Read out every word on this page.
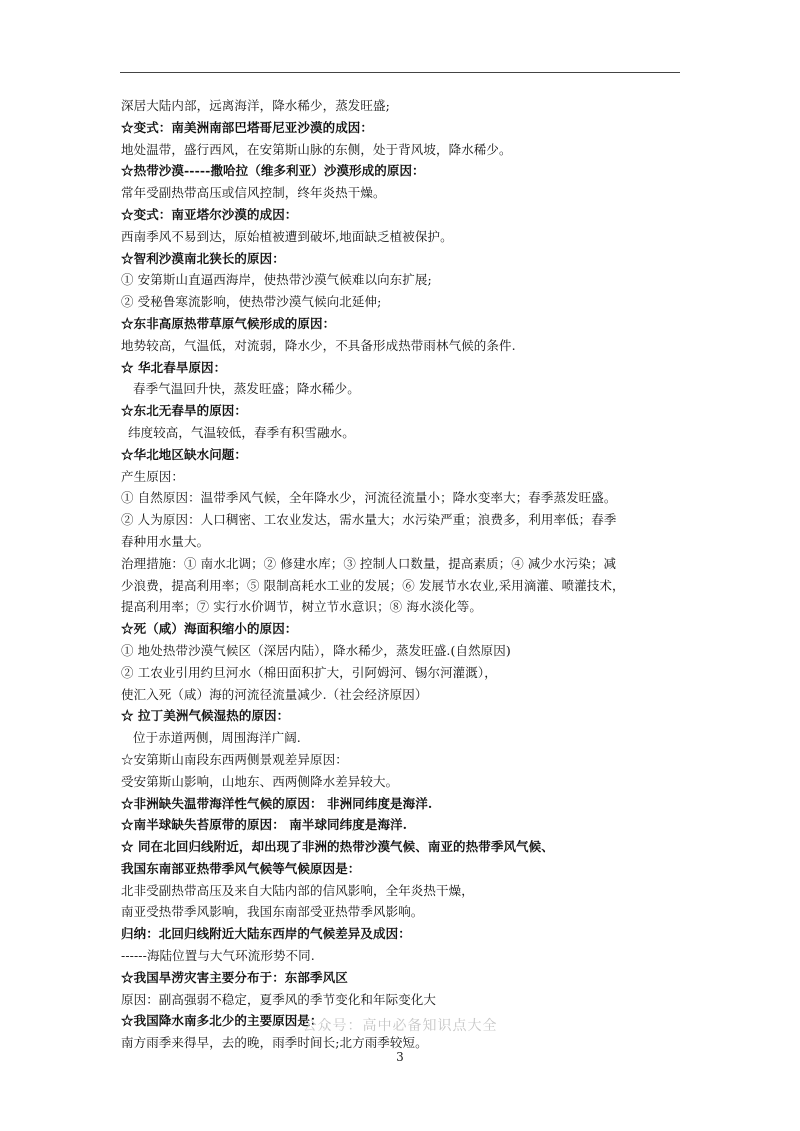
深居大陆内部，远离海洋，降水稀少，蒸发旺盛;
☆变式：南美洲南部巴塔哥尼亚沙漠的成因：
地处温带，盛行西风，在安第斯山脉的东侧，处于背风坡，降水稀少。
☆热带沙漠-----撒哈拉（维多利亚）沙漠形成的原因：
常年受副热带高压或信风控制，终年炎热干燥。
☆变式：南亚塔尔沙漠的成因：
西南季风不易到达，原始植被遭到破坏,地面缺乏植被保护。
☆智利沙漠南北狭长的原因：
① 安第斯山直逼西海岸，使热带沙漠气候难以向东扩展;
② 受秘鲁寒流影响，使热带沙漠气候向北延伸;
☆东非高原热带草原气候形成的原因：
地势较高，气温低，对流弱，降水少，不具备形成热带雨林气候的条件.
☆ 华北春旱原因：
春季气温回升快，蒸发旺盛；降水稀少。
☆东北无春旱的原因：
纬度较高，气温较低，春季有积雪融水。
☆华北地区缺水问题：
产生原因：
① 自然原因：温带季风气候，全年降水少，河流径流量小；降水变率大；春季蒸发旺盛。
② 人为原因：人口稠密、工农业发达，需水量大；水污染严重；浪费多，利用率低；春季
春种用水量大。
治理措施：① 南水北调；② 修建水库；③ 控制人口数量，提高素质；④ 减少水污染；减
少浪费，提高利用率；⑤ 限制高耗水工业的发展；⑥ 发展节水农业,采用滴灌、喷灌技术，
提高利用率；⑦ 实行水价调节，树立节水意识；⑧ 海水淡化等。
☆死（咸）海面积缩小的原因：
① 地处热带沙漠气候区（深居内陆），降水稀少，蒸发旺盛.(自然原因)
② 工农业引用约旦河水（棉田面积扩大，引阿姆河、锡尔河灌溉），
使汇入死（咸）海的河流径流量减少.（社会经济原因）
☆ 拉丁美洲气候湿热的原因：
位于赤道两侧，周围海洋广阔.
☆安第斯山南段东西两侧景观差异原因：
受安第斯山影响，山地东、西两侧降水差异较大。
☆非洲缺失温带海洋性气候的原因： 非洲同纬度是海洋.
☆南半球缺失苔原带的原因： 南半球同纬度是海洋.
☆ 同在北回归线附近，却出现了非洲的热带沙漠气候、南亚的热带季风气候、
我国东南部亚热带季风气候等气候原因是：
北非受副热带高压及来自大陆内部的信风影响，全年炎热干燥，
南亚受热带季风影响，我国东南部受亚热带季风影响。
归纳：北回归线附近大陆东西岸的气候差异及成因：
------海陆位置与大气环流形势不同.
☆我国旱涝灾害主要分布于：东部季风区
原因：副高强弱不稳定，夏季风的季节变化和年际变化大
☆我国降水南多北少的主要原因是：
南方雨季来得早，去的晚，雨季时间长;北方雨季较短。
公众号：高中必备知识点大全
3
